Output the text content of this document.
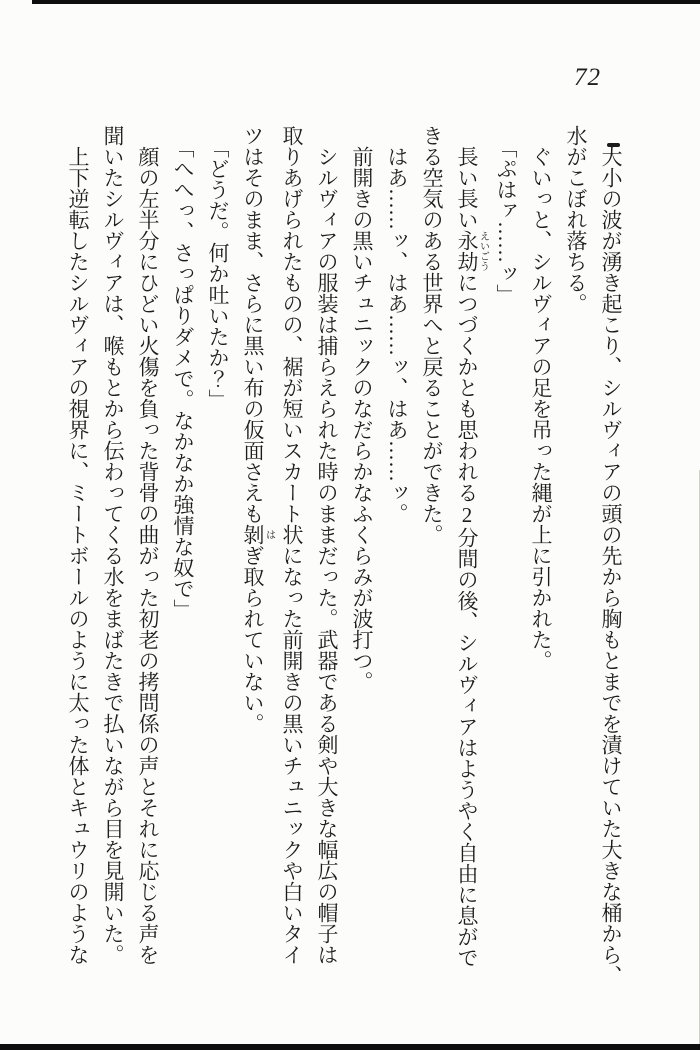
72

大小の波が湧き起こり、シルヴィアの頭の先から胸もとまでを漬けていた大きな桶から、

水がこぼれ落ちる。

ぐいっと、シルヴィアの足を吊った縄が上に引かれた。

「ぷはァ……ッ」

長い長い永劫えいごうにつづくかとも思われる2分間の後、シルヴィアはようやく自由に息がで

きる空気のある世界へと戻ることができた。

はあ……ッ、はあ……ッ、はあ……ッ。

前開きの黒いチュニックのなだらかなふくらみが波打つ。

シルヴィアの服装は捕らえられた時のままだった。武器である剣や大きな幅広の帽子は

取りあげられたものの、裾が短いスカート状になった前開きの黒いチュニックや白いタイ

ツはそのまま、さらに黒い布の仮面さえも剝はぎ取られていない。

「どうだ。何か吐いたか？」

「へへっ、さっぱりダメで。なかなか強情な奴で」

顔の左半分にひどい火傷を負った背骨の曲がった初老の拷問係の声とそれに応じる声を

聞いたシルヴィアは、喉もとから伝わってくる水をまばたきで払いながら目を見開いた。

上下逆転したシルヴィアの視界に、ミートボールのように太った体とキュウリのような
